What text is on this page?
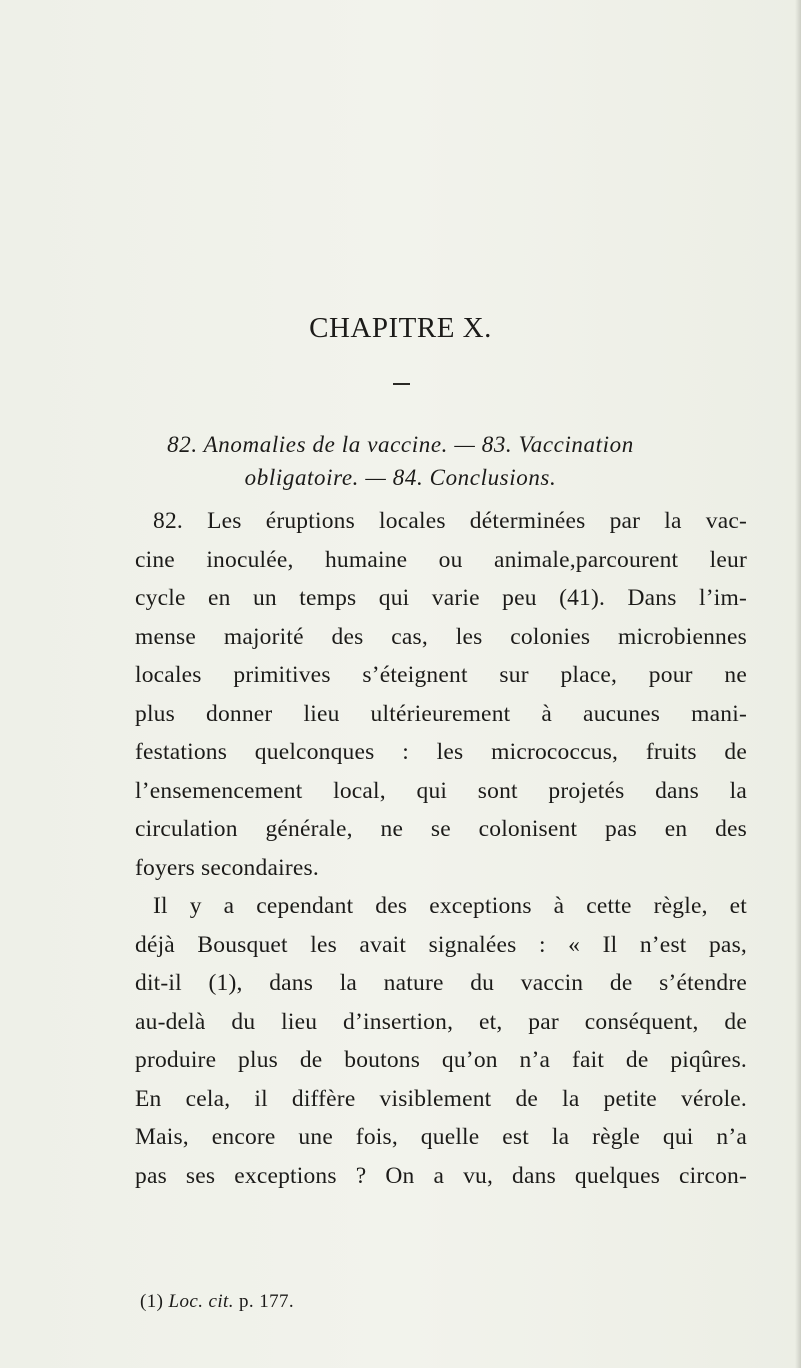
CHAPITRE X.
82. Anomalies de la vaccine. — 83. Vaccination
obligatoire. — 84. Conclusions.
82. Les éruptions locales déterminées par la vac-
cine inoculée, humaine ou animale,parcourent leur
cycle en un temps qui varie peu (41). Dans l’im-
mense majorité des cas, les colonies microbiennes
locales primitives s’éteignent sur place, pour ne
plus donner lieu ultérieurement à aucunes mani-
festations quelconques : les micrococcus, fruits de
l’ensemencement local, qui sont projetés dans la
circulation générale, ne se colonisent pas en des
foyers secondaires.
Il y a cependant des exceptions à cette règle, et
déjà Bousquet les avait signalées : « Il n’est pas,
dit-il (1), dans la nature du vaccin de s’étendre
au-delà du lieu d’insertion, et, par conséquent, de
produire plus de boutons qu’on n’a fait de piqûres.
En cela, il diffère visiblement de la petite vérole.
Mais, encore une fois, quelle est la règle qui n’a
pas ses exceptions ? On a vu, dans quelques circon-
(1) Loc. cit. p. 177.
